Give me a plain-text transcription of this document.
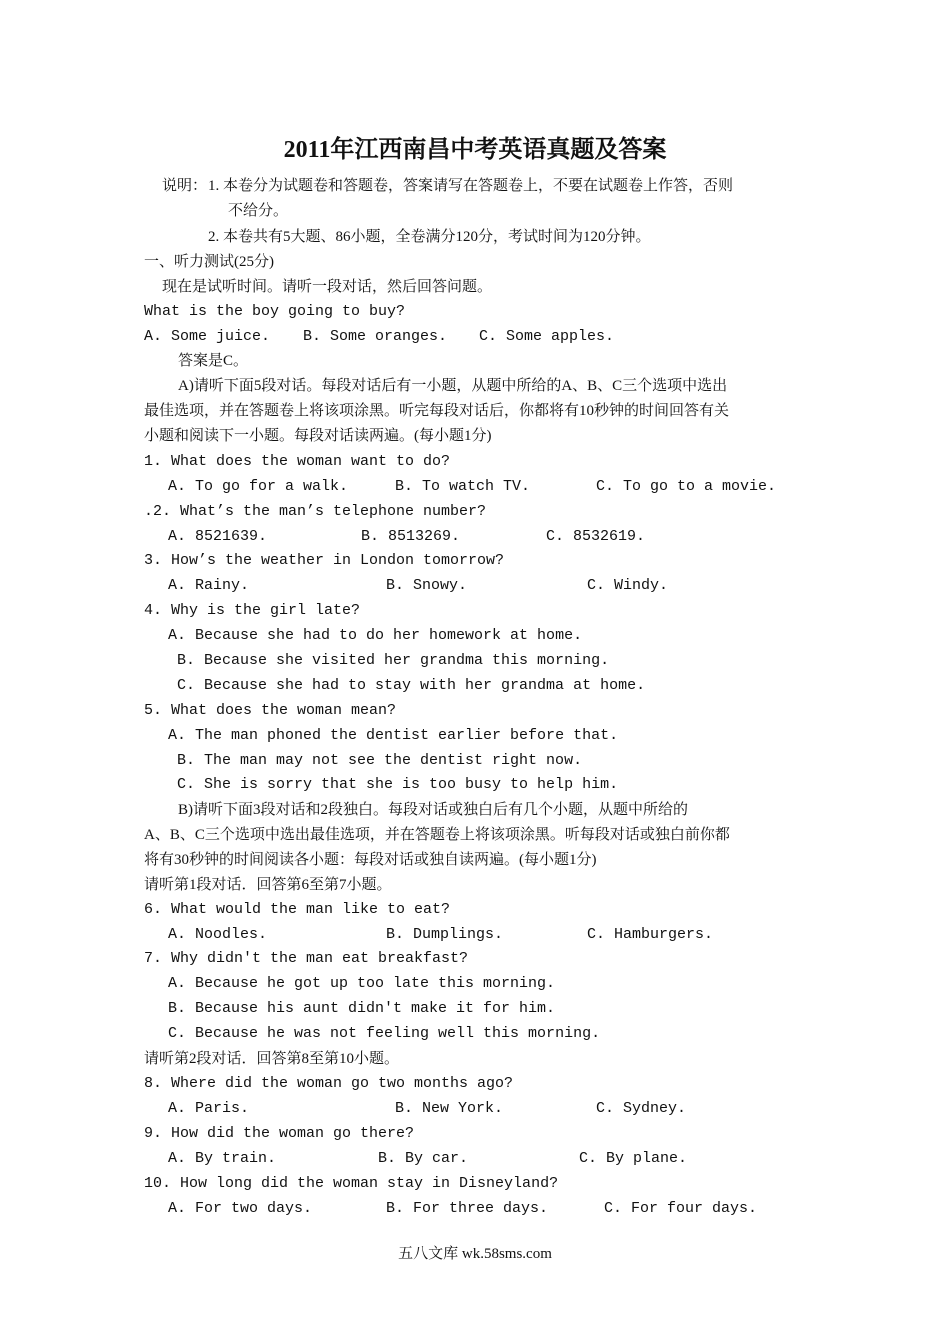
2011年江西南昌中考英语真题及答案
说明： 1. 本卷分为试题卷和答题卷，答案请写在答题卷上，不要在试题卷上作答，否则
不给分。
2. 本卷共有5大题、86小题，全卷满分120分，考试时间为120分钟。
一、听力测试(25分)
现在是试听时间。请听一段对话，然后回答问题。
What is the boy going to buy?
A. Some juice. B. Some oranges. C. Some apples.
答案是C。
A)请听下面5段对话。每段对话后有一小题，从题中所给的A、B、C三个选项中选出
最佳选项，并在答题卷上将该项涂黑。听完每段对话后，你都将有10秒钟的时间回答有关
小题和阅读下一小题。每段对话读两遍。(每小题1分)
1. What does the woman want to do?
A. To go for a walk.	B. To watch TV.	C. To go to a movie.
.2. What’s the man’s telephone number?
A. 8521639.	B. 8513269.	C. 8532619.
3. How’s the weather in London tomorrow?
A. Rainy.	B. Snowy.	C. Windy.
4. Why is the girl late?
A. Because she had to do her homework at home.
B. Because she visited her grandma this morning.
C. Because she had to stay with her grandma at home.
5. What does the woman mean?
A. The man phoned the dentist earlier before that.
B. The man may not see the dentist right now.
C. She is sorry that she is too busy to help him.
B)请听下面3段对话和2段独白。每段对话或独白后有几个小题，从题中所给的
A、B、C三个选项中选出最佳选项，并在答题卷上将该项涂黑。听每段对话或独白前你都
将有30秒钟的时间阅读各小题：每段对话或独自读两遍。(每小题1分)
请听第1段对话．回答第6至第7小题。
6. What would the man like to eat?
A. Noodles.	B. Dumplings.	C. Hamburgers.
7. Why didn't the man eat breakfast?
A. Because he got up too late this morning.
B. Because his aunt didn't make it for him.
C. Because he was not feeling well this morning.
请听第2段对话．回答第8至第10小题。
8. Where did the woman go two months ago?
A. Paris.	B. New York.	C. Sydney.
9. How did the woman go there?
A. By train.	B. By car.	C. By plane.
10. How long did the woman stay in Disneyland?
A. For two days.	B. For three days.	C. For four days.
五八文库 wk.58sms.com
